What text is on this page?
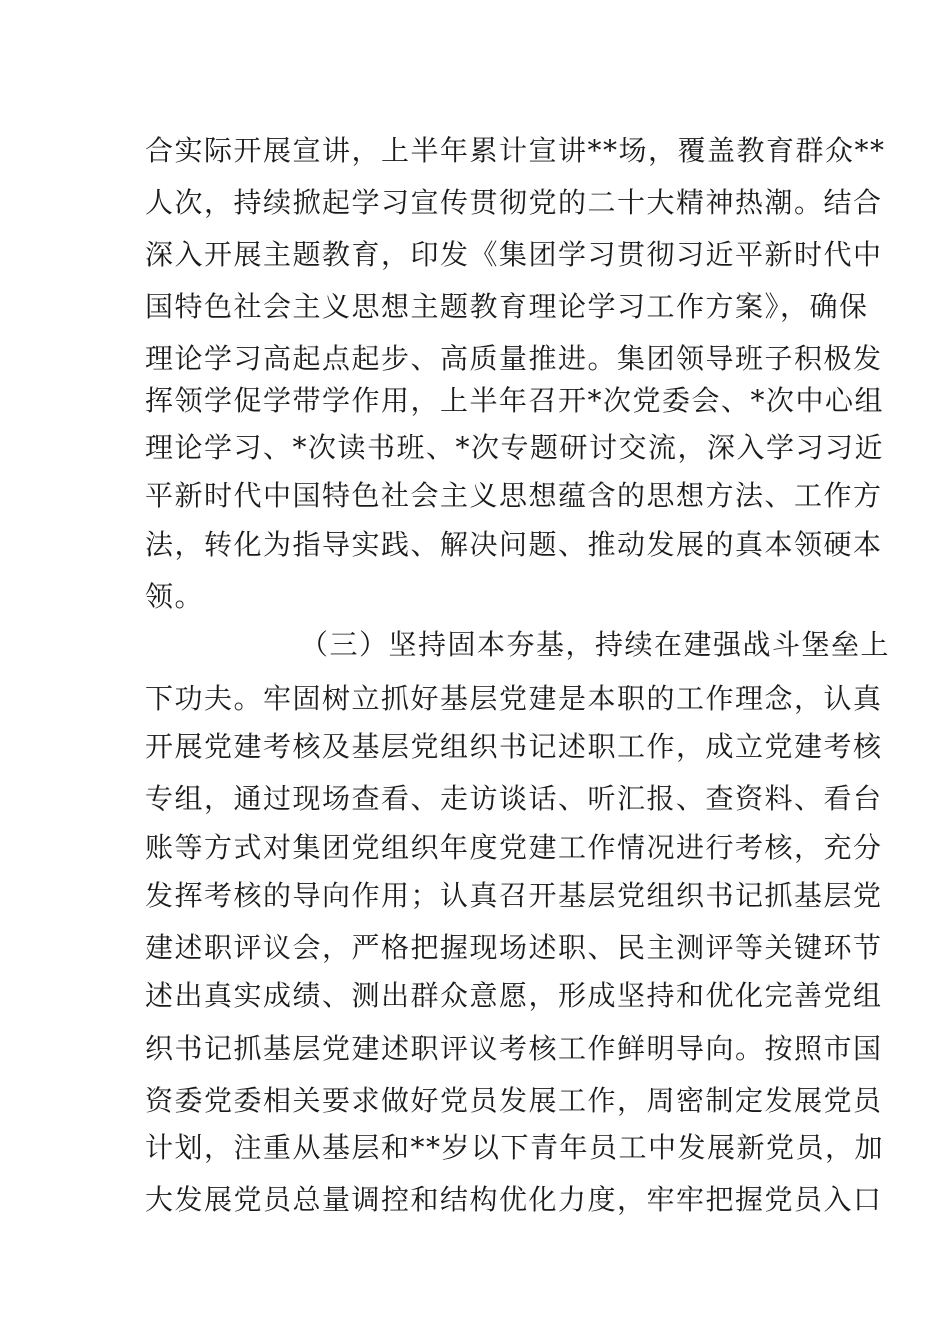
合实际开展宣讲，上半年累计宣讲**场，覆盖教育群众**
人次，持续掀起学习宣传贯彻党的二十大精神热潮。结合
深入开展主题教育，印发《集团学习贯彻习近平新时代中
国特色社会主义思想主题教育理论学习工作方案》，确保
理论学习高起点起步、高质量推进。集团领导班子积极发
挥领学促学带学作用，上半年召开*次党委会、*次中心组
理论学习、*次读书班、*次专题研讨交流，深入学习习近
平新时代中国特色社会主义思想蕴含的思想方法、工作方
法，转化为指导实践、解决问题、推动发展的真本领硬本
领。
（三）坚持固本夯基，持续在建强战斗堡垒上
下功夫。牢固树立抓好基层党建是本职的工作理念，认真
开展党建考核及基层党组织书记述职工作，成立党建考核
专组，通过现场查看、走访谈话、听汇报、查资料、看台
账等方式对集团党组织年度党建工作情况进行考核，充分
发挥考核的导向作用；认真召开基层党组织书记抓基层党
建述职评议会，严格把握现场述职、民主测评等关键环节
述出真实成绩、测出群众意愿，形成坚持和优化完善党组
织书记抓基层党建述职评议考核工作鲜明导向。按照市国
资委党委相关要求做好党员发展工作，周密制定发展党员
计划，注重从基层和**岁以下青年员工中发展新党员，加
大发展党员总量调控和结构优化力度，牢牢把握党员入口
